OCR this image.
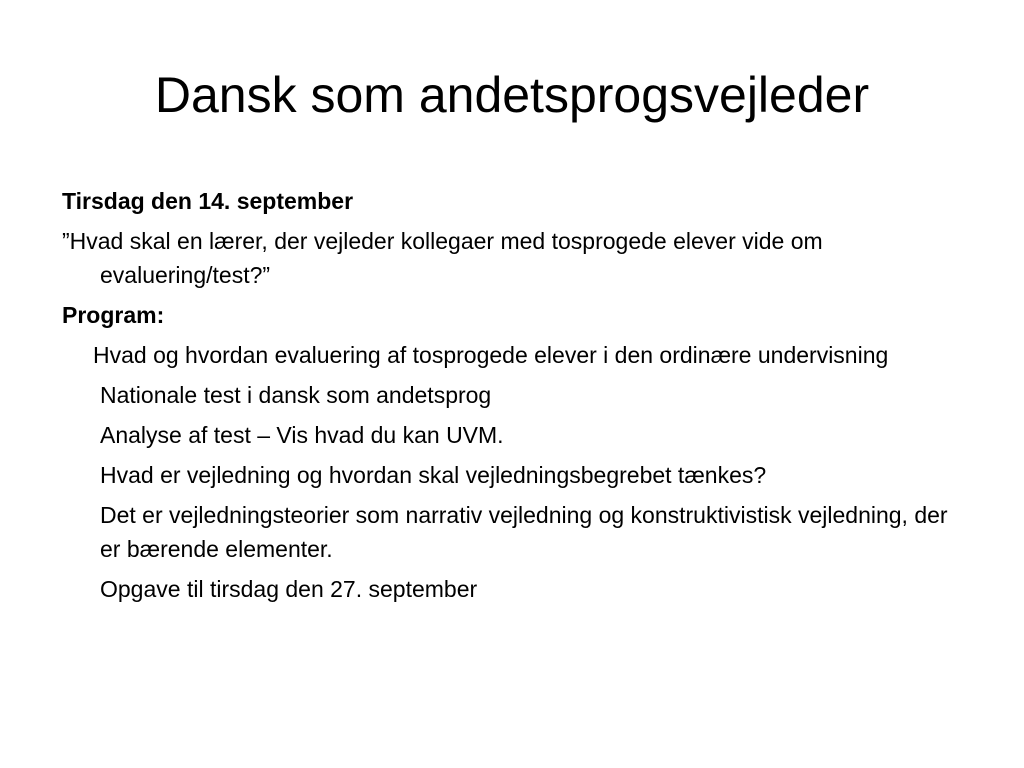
Dansk som andetsprogsvejleder
Tirsdag den 14. september
”Hvad skal en lærer, der vejleder kollegaer med tosprogede elever vide om evaluering/test?”
Program:
Hvad og hvordan evaluering af tosprogede elever i den ordinære undervisning
Nationale test i dansk som andetsprog
Analyse af test – Vis hvad du kan UVM.
Hvad er vejledning og hvordan skal vejledningsbegrebet tænkes?
Det er vejledningsteorier som narrativ vejledning og konstruktivistisk vejledning, der er bærende elementer.
Opgave til tirsdag den 27. september
